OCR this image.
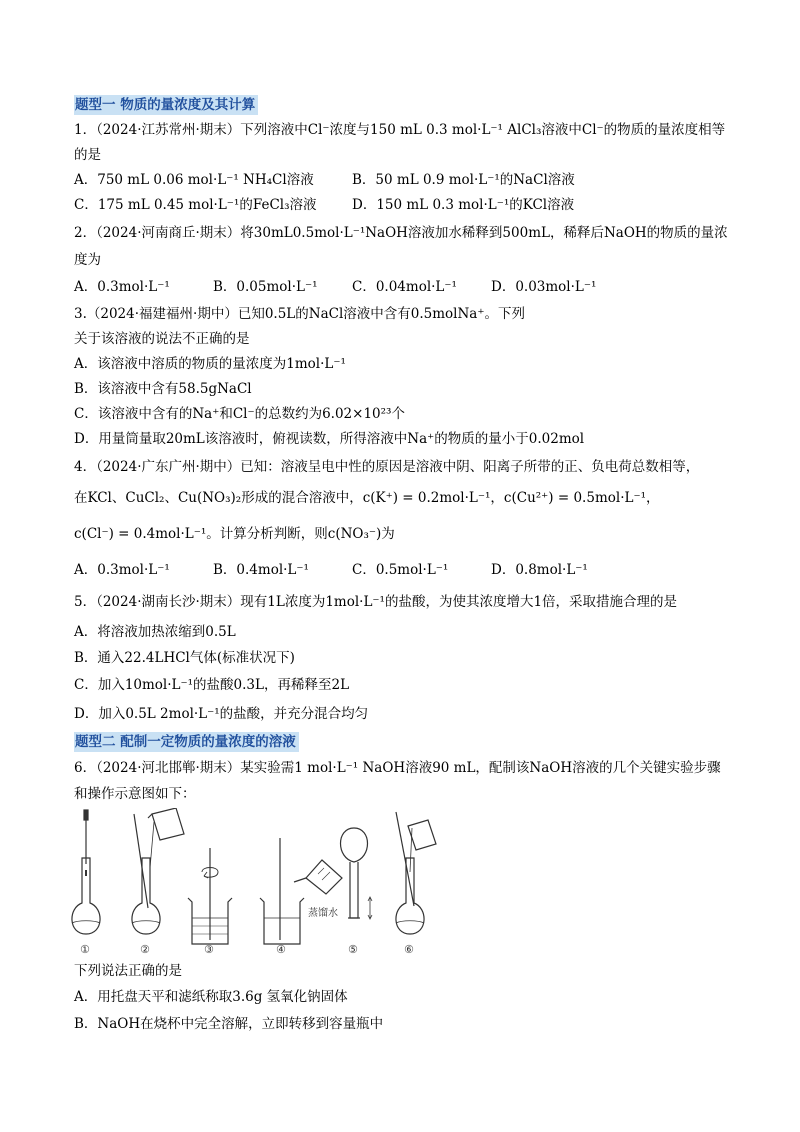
题型一 物质的量浓度及其计算
1．（2024·江苏常州·期末）下列溶液中Cl⁻浓度与150 mL 0.3 mol·L⁻¹ AlCl₃溶液中Cl⁻的物质的量浓度相等
的是
A．750 mL 0.06 mol·L⁻¹ NH₄Cl溶液	B．50 mL 0.9 mol·L⁻¹的NaCl溶液
C．175 mL 0.45 mol·L⁻¹的FeCl₃溶液	D．150 mL 0.3 mol·L⁻¹的KCl溶液
2．（2024·河南商丘·期末）将30mL0.5mol·L⁻¹NaOH溶液加水稀释到500mL，稀释后NaOH的物质的量浓
度为
A．0.3mol·L⁻¹	B．0.05mol·L⁻¹	C．0.04mol·L⁻¹	D．0.03mol·L⁻¹
3.（2024·福建福州·期中）已知0.5L的NaCl溶液中含有0.5molNa⁺。下列
关于该溶液的说法不正确的是
A．该溶液中溶质的物质的量浓度为1mol·L⁻¹
B．该溶液中含有58.5gNaCl
C．该溶液中含有的Na⁺和Cl⁻的总数约为6.02×10²³个
D．用量筒量取20mL该溶液时，俯视读数，所得溶液中Na⁺的物质的量小于0.02mol
4．（2024·广东广州·期中）已知：溶液呈电中性的原因是溶液中阴、阳离子所带的正、负电荷总数相等，
在KCl、CuCl₂、Cu(NO₃)₂形成的混合溶液中，c(K⁺) = 0.2mol·L⁻¹，c(Cu²⁺) = 0.5mol·L⁻¹，
c(Cl⁻) = 0.4mol·L⁻¹。计算分析判断，则c(NO₃⁻)为
A．0.3mol·L⁻¹	B．0.4mol·L⁻¹	C．0.5mol·L⁻¹	D．0.8mol·L⁻¹
5．（2024·湖南长沙·期末）现有1L浓度为1mol·L⁻¹的盐酸，为使其浓度增大1倍，采取措施合理的是
A．将溶液加热浓缩到0.5L
B．通入22.4LHCl气体(标准状况下)
C．加入10mol·L⁻¹的盐酸0.3L，再稀释至2L
D．加入0.5L 2mol·L⁻¹的盐酸，并充分混合均匀
题型二 配制一定物质的量浓度的溶液
6．（2024·河北邯郸·期末）某实验需1 mol·L⁻¹ NaOH溶液90 mL，配制该NaOH溶液的几个关键实验步骤
和操作示意图如下：
①	②	③	④	⑤	⑥
蒸馏水
下列说法正确的是
A．用托盘天平和滤纸称取3.6g 氢氧化钠固体
B．NaOH在烧杯中完全溶解，立即转移到容量瓶中
